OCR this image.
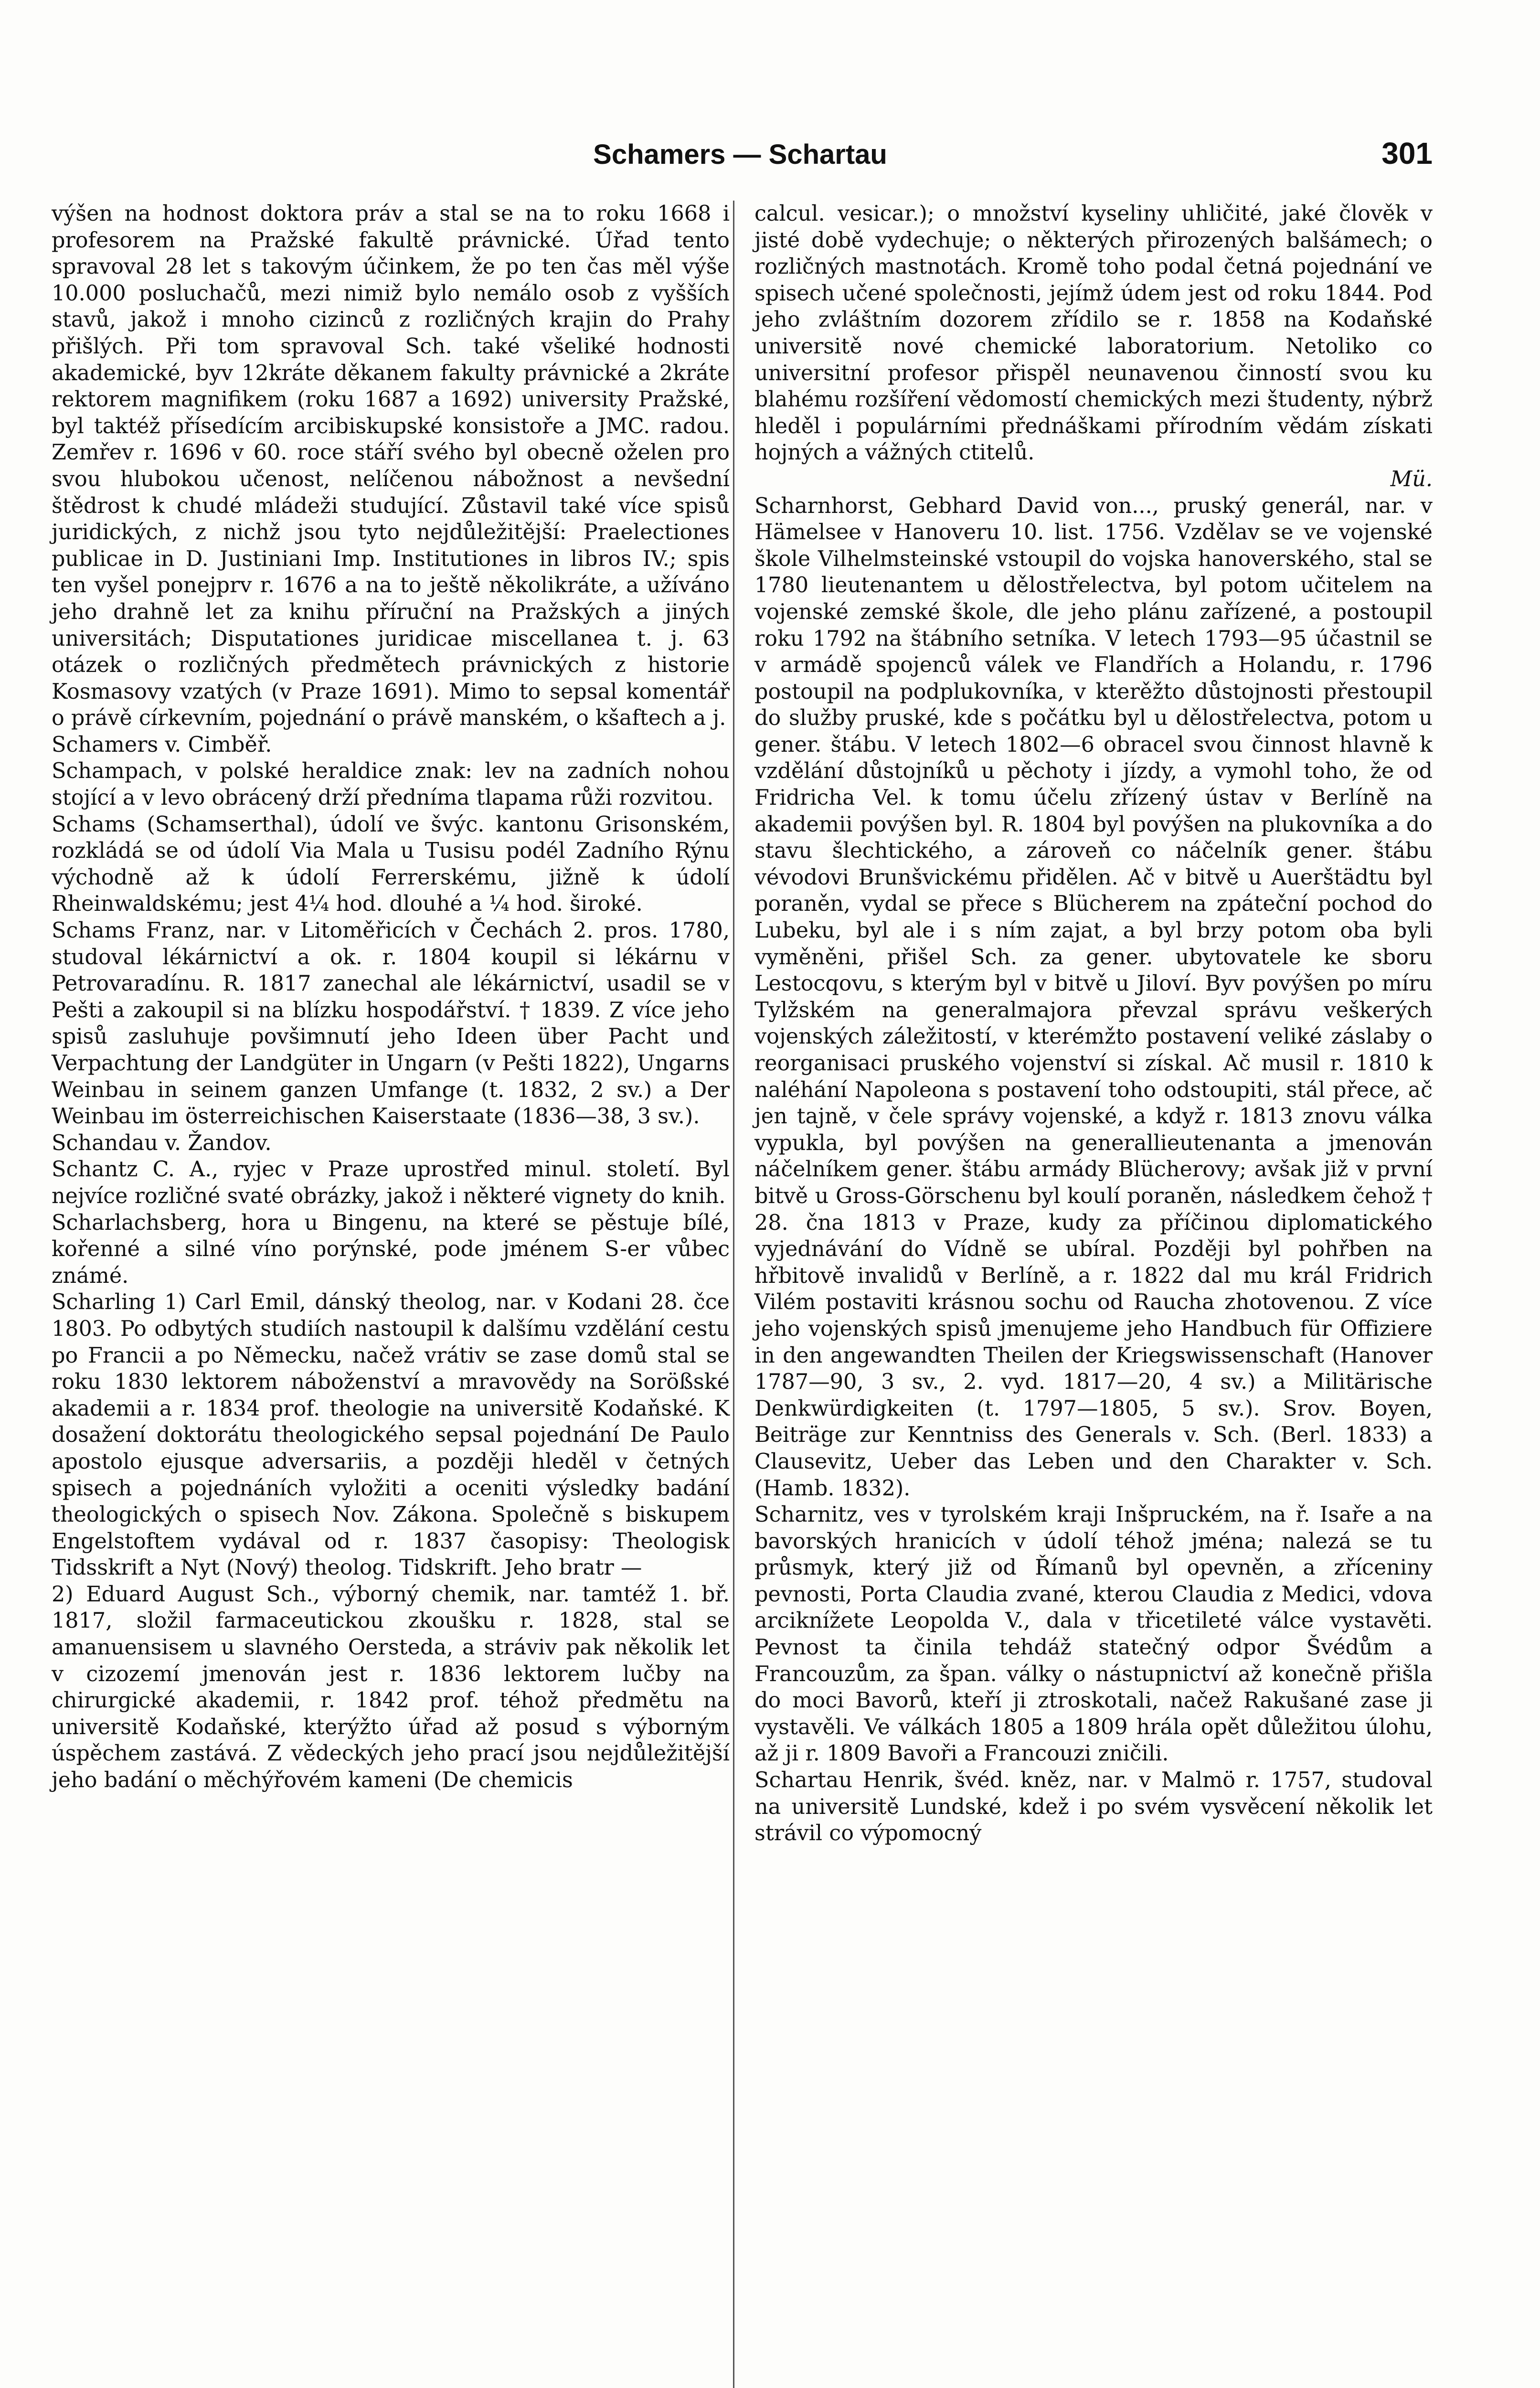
Schamers — Schartau	301

výšen na hodnost doktora práv a stal se na to roku 1668 i profesorem na Pražské fakultě právnické. Úřad tento spravoval 28 let s takovým účinkem, že po ten čas měl výše 10.000 posluchačů, mezi nimiž bylo nemálo osob z vyšších stavů, jakož i mnoho cizinců z rozličných krajin do Prahy přišlých. Při tom spravoval Sch. také všeliké hodnosti akademické, byv 12kráte děkanem fakulty právnické a 2kráte rektorem magnifikem (roku 1687 a 1692) university Pražské, byl taktéž přísedícím arcibiskupské konsistoře a JMC. radou. Zemřev r. 1696 v 60. roce stáří svého byl obecně oželen pro svou hlubokou učenost, nelíčenou nábožnost a nevšední štědrost k chudé mládeži studující. Zůstavil také více spisů juridických, z nichž jsou tyto nejdůležitější: Praelectiones publicae in D. Justiniani Imp. Institutiones in libros IV.; spis ten vyšel ponejprv r. 1676 a na to ještě několikráte, a užíváno jeho drahně let za knihu příruční na Pražských a jiných universitách; Disputationes juridicae miscellanea t. j. 63 otázek o rozličných předmětech právnických z historie Kosmasovy vzatých (v Praze 1691). Mimo to sepsal komentář o právě církevním, pojednání o právě manském, o kšaftech a j.

Schamers v. Cimběř.

Schampach, v polské heraldice znak: lev na zadních nohou stojící a v levo obrácený drží předníma tlapama růži rozvitou.

Schams (Schamserthal), údolí ve švýc. kantonu Grisonském, rozkládá se od údolí Via Mala u Tusisu podél Zadního Rýnu východně až k údolí Ferrerskému, jižně k údolí Rheinwaldskému; jest 4¼ hod. dlouhé a ¼ hod. široké.

Schams Franz, nar. v Litoměřicích v Čechách 2. pros. 1780, studoval lékárnictví a ok. r. 1804 koupil si lékárnu v Petrovaradínu. R. 1817 zanechal ale lékárnictví, usadil se v Pešti a zakoupil si na blízku hospodářství. † 1839. Z více jeho spisů zasluhuje povšimnutí jeho Ideen über Pacht und Verpachtung der Landgüter in Ungarn (v Pešti 1822), Ungarns Weinbau in seinem ganzen Umfange (t. 1832, 2 sv.) a Der Weinbau im österreichischen Kaiserstaate (1836—38, 3 sv.).

Schandau v. Žandov.

Schantz C. A., ryjec v Praze uprostřed minul. století. Byl nejvíce rozličné svaté obrázky, jakož i některé vignety do knih.

Scharlachsberg, hora u Bingenu, na které se pěstuje bílé, kořenné a silné víno porýnské, pode jménem S-er vůbec známé.

Scharling 1) Carl Emil, dánský theolog, nar. v Kodani 28. čce 1803. Po odbytých studiích nastoupil k dalšímu vzdělání cestu po Francii a po Německu, načež vrátiv se zase domů stal se roku 1830 lektorem náboženství a mravovědy na Sorößské akademii a r. 1834 prof. theologie na universitě Kodaňské. K dosažení doktorátu theologického sepsal pojednání De Paulo apostolo ejusque adversariis, a později hleděl v četných spisech a pojednáních vyložiti a oceniti výsledky badání theologických o spisech Nov. Zákona. Společně s biskupem Engelstoftem vydával od r. 1837 časopisy: Theologisk Tidsskrift a Nyt (Nový) theolog. Tidskrift. Jeho bratr —

2) Eduard August Sch., výborný chemik, nar. tamtéž 1. bř. 1817, složil farmaceutickou zkoušku r. 1828, stal se amanuensisem u slavného Oersteda, a stráviv pak několik let v cizozemí jmenován jest r. 1836 lektorem lučby na chirurgické akademii, r. 1842 prof. téhož předmětu na universitě Kodaňské, kterýžto úřad až posud s výborným úspěchem zastává. Z vědeckých jeho prací jsou nejdůležitější jeho badání o měchýřovém kameni (De chemicis

calcul. vesicar.); o množství kyseliny uhličité, jaké člověk v jisté době vydechuje; o některých přirozených balšámech; o rozličných mastnotách. Kromě toho podal četná pojednání ve spisech učené společnosti, jejímž údem jest od roku 1844. Pod jeho zvláštním dozorem zřídilo se r. 1858 na Kodaňské universitě nové chemické laboratorium. Netoliko co universitní profesor přispěl neunavenou činností svou ku blahému rozšíření vědomostí chemických mezi študenty, nýbrž hleděl i populárními přednáškami přírodním vědám získati hojných a vážných ctitelů.

Mü.

Scharnhorst, Gebhard David von..., pruský generál, nar. v Hämelsee v Hanoveru 10. list. 1756. Vzdělav se ve vojenské škole Vilhelmsteinské vstoupil do vojska hanoverského, stal se 1780 lieutenantem u dělostřelectva, byl potom učitelem na vojenské zemské škole, dle jeho plánu zařízené, a postoupil roku 1792 na štábního setníka. V letech 1793—95 účastnil se v armádě spojenců válek ve Flandřích a Holandu, r. 1796 postoupil na podplukovníka, v kterěžto důstojnosti přestoupil do služby pruské, kde s počátku byl u dělostřelectva, potom u gener. štábu. V letech 1802—6 obracel svou činnost hlavně k vzdělání důstojníků u pěchoty i jízdy, a vymohl toho, že od Fridricha Vel. k tomu účelu zřízený ústav v Berlíně na akademii povýšen byl. R. 1804 byl povýšen na plukovníka a do stavu šlechtického, a zároveň co náčelník gener. štábu vévodovi Brunšvickému přidělen. Ač v bitvě u Auerštädtu byl poraněn, vydal se přece s Blücherem na zpáteční pochod do Lubeku, byl ale i s ním zajat, a byl brzy potom oba byli vyměněni, přišel Sch. za gener. ubytovatele ke sboru Lestocqovu, s kterým byl v bitvě u Jiloví. Byv povýšen po míru Tylžském na generalmajora převzal správu veškerých vojenských záležitostí, v kterémžto postavení veliké záslaby o reorganisaci pruského vojenství si získal. Ač musil r. 1810 k naléhání Napoleona s postavení toho odstoupiti, stál přece, ač jen tajně, v čele správy vojenské, a když r. 1813 znovu válka vypukla, byl povýšen na generallieutenanta a jmenován náčelníkem gener. štábu armády Blücherovy; avšak již v první bitvě u Gross-Görschenu byl koulí poraněn, následkem čehož † 28. čna 1813 v Praze, kudy za příčinou diplomatického vyjednávání do Vídně se ubíral. Později byl pohřben na hřbitově invalidů v Berlíně, a r. 1822 dal mu král Fridrich Vilém postaviti krásnou sochu od Raucha zhotovenou. Z více jeho vojenských spisů jmenujeme jeho Handbuch für Offiziere in den angewandten Theilen der Kriegswissenschaft (Hanover 1787—90, 3 sv., 2. vyd. 1817—20, 4 sv.) a Militärische Denkwürdigkeiten (t. 1797—1805, 5 sv.). Srov. Boyen, Beiträge zur Kenntniss des Generals v. Sch. (Berl. 1833) a Clausevitz, Ueber das Leben und den Charakter v. Sch. (Hamb. 1832).

Scharnitz, ves v tyrolském kraji Inšpruckém, na ř. Isaře a na bavorských hranicích v údolí téhož jména; nalezá se tu průsmyk, který již od Římanů byl opevněn, a zříceniny pevnosti, Porta Claudia zvané, kterou Claudia z Medici, vdova arciknížete Leopolda V., dala v třicetileté válce vystavěti. Pevnost ta činila tehdáž statečný odpor Švédům a Francouzům, za špan. války o nástupnictví až konečně přišla do moci Bavorů, kteří ji ztroskotali, načež Rakušané zase ji vystavěli. Ve válkách 1805 a 1809 hrála opět důležitou úlohu, až ji r. 1809 Bavoři a Francouzi zničili.

Schartau Henrik, švéd. kněz, nar. v Malmö r. 1757, studoval na universitě Lundské, kdež i po svém vysvěcení několik let strávil co výpomocný
